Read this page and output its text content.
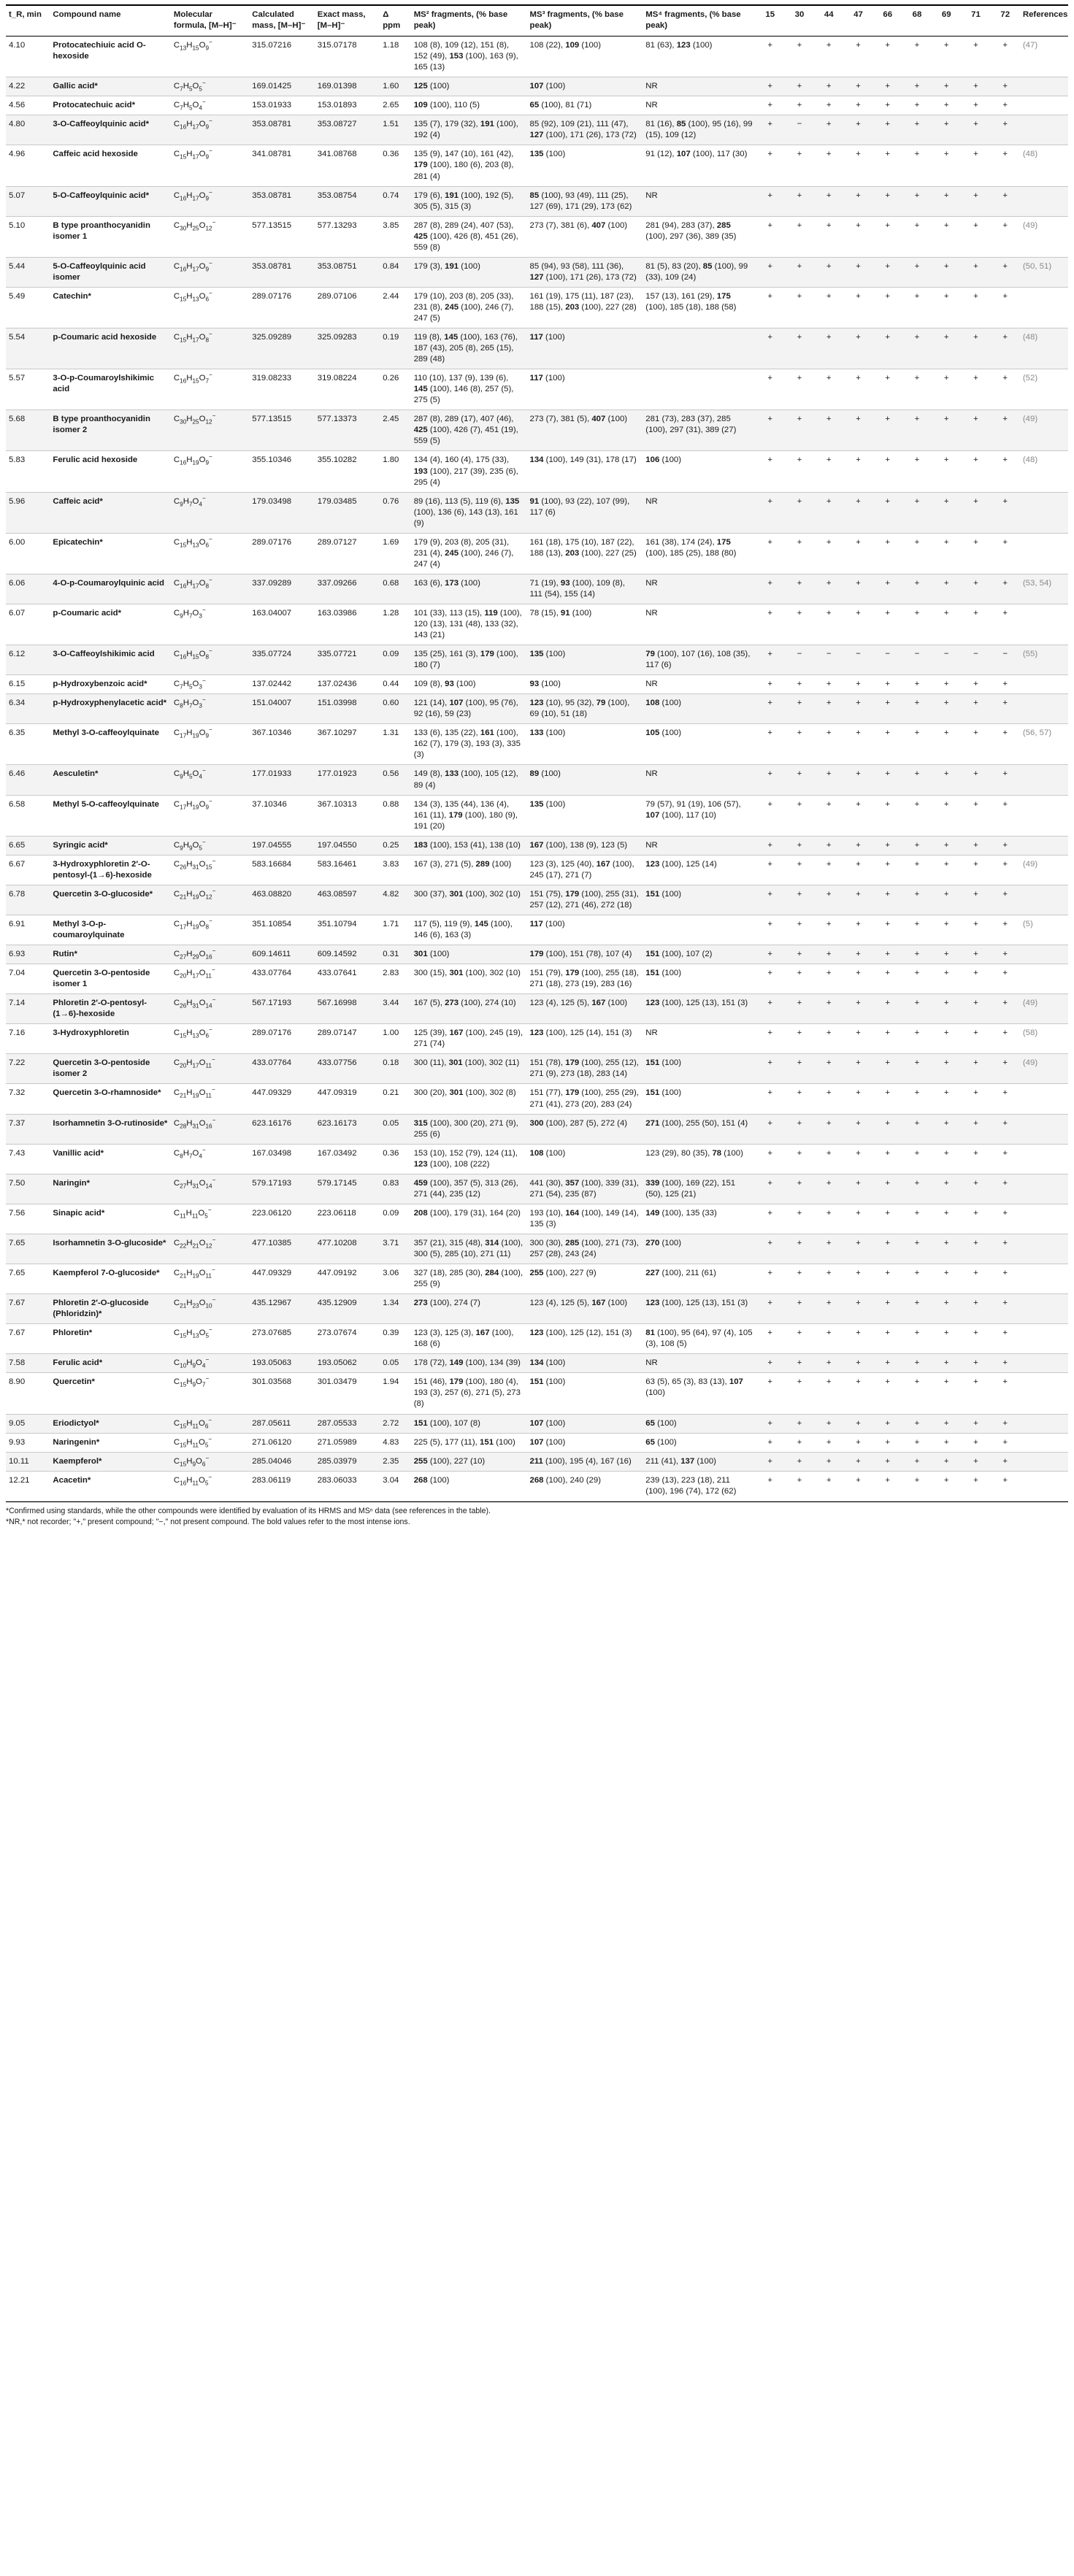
t_R, min	Compound name	Molecular formula, [M–H]⁻	Calculated mass, [M–H]⁻	Exact mass, [M–H]⁻	Δ ppm	MS² fragments, (% base peak)	MS³ fragments, (% base peak)	MS⁴ fragments, (% base peak)	15	30	44	47	66	68	69	71	72	References
4.10	Protocatechiuic acid O-hexoside	$C_{13}H_{15}O_9^-$	315.07216	315.07178	1.18	108 (8), 109 (12), 151 (8), 152 (49), 153 (100), 163 (9), 165 (13)	108 (22), 109 (100)	81 (63), 123 (100)	+	+	+	+	+	+	+	+	+	(47)
4.22	Gallic acid*	$C_7H_5O_5^-$	169.01425	169.01398	1.60	125 (100)	107 (100)	NR	+	+	+	+	+	+	+	+	+	
4.56	Protocatechuic acid*	$C_7H_5O_4^-$	153.01933	153.01893	2.65	109 (100), 110 (5)	65 (100), 81 (71)	NR	+	+	+	+	+	+	+	+	+	
4.80	3-O-Caffeoylquinic acid*	$C_{16}H_{17}O_9^-$	353.08781	353.08727	1.51	135 (7), 179 (32), 191 (100), 192 (4)	85 (92), 109 (21), 111 (47), 127 (100), 171 (26), 173 (72)	81 (16), 85 (100), 95 (16), 99 (15), 109 (12)	+	−	+	+	+	+	+	+	+	
4.96	Caffeic acid hexoside	$C_{15}H_{17}O_9^-$	341.08781	341.08768	0.36	135 (9), 147 (10), 161 (42), 179 (100), 180 (6), 203 (8), 281 (4)	135 (100)	91 (12), 107 (100), 117 (30)	+	+	+	+	+	+	+	+	+	(48)
5.07	5-O-Caffeoylquinic acid*	$C_{16}H_{17}O_9^-$	353.08781	353.08754	0.74	179 (6), 191 (100), 192 (5), 305 (5), 315 (3)	85 (100), 93 (49), 111 (25), 127 (69), 171 (29), 173 (62)	NR	+	+	+	+	+	+	+	+	+	
5.10	B type proanthocyanidin isomer 1	$C_{30}H_{25}O_{12}^-$	577.13515	577.13293	3.85	287 (8), 289 (24), 407 (53), 425 (100), 426 (8), 451 (26), 559 (8)	273 (7), 381 (6), 407 (100)	281 (94), 283 (37), 285 (100), 297 (36), 389 (35)	+	+	+	+	+	+	+	+	+	(49)
5.44	5-O-Caffeoylquinic acid isomer	$C_{16}H_{17}O_9^-$	353.08781	353.08751	0.84	179 (3), 191 (100)	85 (94), 93 (58), 111 (36), 127 (100), 171 (26), 173 (72)	81 (5), 83 (20), 85 (100), 99 (33), 109 (24)	+	+	+	+	+	+	+	+	+	(50, 51)
5.49	Catechin*	$C_{15}H_{13}O_6^-$	289.07176	289.07106	2.44	179 (10), 203 (8), 205 (33), 231 (8), 245 (100), 246 (7), 247 (5)	161 (19), 175 (11), 187 (23), 188 (15), 203 (100), 227 (28)	157 (13), 161 (29), 175 (100), 185 (18), 188 (58)	+	+	+	+	+	+	+	+	+	
5.54	p-Coumaric acid hexoside	$C_{15}H_{17}O_8^-$	325.09289	325.09283	0.19	119 (8), 145 (100), 163 (76), 187 (43), 205 (8), 265 (15), 289 (48)	117 (100)		+	+	+	+	+	+	+	+	+	(48)
5.57	3-O-p-Coumaroylshikimic acid	$C_{16}H_{15}O_7^-$	319.08233	319.08224	0.26	110 (10), 137 (9), 139 (6), 145 (100), 146 (8), 257 (5), 275 (5)	117 (100)		+	+	+	+	+	+	+	+	+	(52)
5.68	B type proanthocyanidin isomer 2	$C_{30}H_{25}O_{12}^-$	577.13515	577.13373	2.45	287 (8), 289 (17), 407 (46), 425 (100), 426 (7), 451 (19), 559 (5)	273 (7), 381 (5), 407 (100)	281 (73), 283 (37), 285 (100), 297 (31), 389 (27)	+	+	+	+	+	+	+	+	+	(49)
5.83	Ferulic acid hexoside	$C_{16}H_{19}O_9^-$	355.10346	355.10282	1.80	134 (4), 160 (4), 175 (33), 193 (100), 217 (39), 235 (6), 295 (4)	134 (100), 149 (31), 178 (17)	106 (100)	+	+	+	+	+	+	+	+	+	(48)
5.96	Caffeic acid*	$C_9H_7O_4^-$	179.03498	179.03485	0.76	89 (16), 113 (5), 119 (6), 135 (100), 136 (6), 143 (13), 161 (9)	91 (100), 93 (22), 107 (99), 117 (6)	NR	+	+	+	+	+	+	+	+	+	
6.00	Epicatechin*	$C_{15}H_{13}O_6^-$	289.07176	289.07127	1.69	179 (9), 203 (8), 205 (31), 231 (4), 245 (100), 246 (7), 247 (4)	161 (18), 175 (10), 187 (22), 188 (13), 203 (100), 227 (25)	161 (38), 174 (24), 175 (100), 185 (25), 188 (80)	+	+	+	+	+	+	+	+	+	
6.06	4-O-p-Coumaroylquinic acid	$C_{16}H_{17}O_8^-$	337.09289	337.09266	0.68	163 (6), 173 (100)	71 (19), 93 (100), 109 (8), 111 (54), 155 (14)	NR	+	+	+	+	+	+	+	+	+	(53, 54)
6.07	p-Coumaric acid*	$C_9H_7O_3^-$	163.04007	163.03986	1.28	101 (33), 113 (15), 119 (100), 120 (13), 131 (48), 133 (32), 143 (21)	78 (15), 91 (100)	NR	+	+	+	+	+	+	+	+	+	
6.12	3-O-Caffeoylshikimic acid	$C_{16}H_{15}O_8^-$	335.07724	335.07721	0.09	135 (25), 161 (3), 179 (100), 180 (7)	135 (100)	79 (100), 107 (16), 108 (35), 117 (6)	+	−	−	−	−	−	−	−	−	(55)
6.15	p-Hydroxybenzoic acid*	$C_7H_5O_3^-$	137.02442	137.02436	0.44	109 (8), 93 (100)	93 (100)	NR	+	+	+	+	+	+	+	+	+	
6.34	p-Hydroxyphenylacetic acid*	$C_8H_7O_3^-$	151.04007	151.03998	0.60	121 (14), 107 (100), 95 (76), 92 (16), 59 (23)	123 (10), 95 (32), 79 (100), 69 (10), 51 (18)	108 (100)	+	+	+	+	+	+	+	+	+	
6.35	Methyl 3-O-caffeoylquinate	$C_{17}H_{19}O_9^-$	367.10346	367.10297	1.31	133 (6), 135 (22), 161 (100), 162 (7), 179 (3), 193 (3), 335 (3)	133 (100)	105 (100)	+	+	+	+	+	+	+	+	+	(56, 57)
6.46	Aesculetin*	$C_9H_5O_4^-$	177.01933	177.01923	0.56	149 (8), 133 (100), 105 (12), 89 (4)	89 (100)	NR	+	+	+	+	+	+	+	+	+	
6.58	Methyl 5-O-caffeoylquinate	$C_{17}H_{19}O_9^-$	37.10346	367.10313	0.88	134 (3), 135 (44), 136 (4), 161 (11), 179 (100), 180 (9), 191 (20)	135 (100)	79 (57), 91 (19), 106 (57), 107 (100), 117 (10)	+	+	+	+	+	+	+	+	+	
6.65	Syringic acid*	$C_9H_9O_5^-$	197.04555	197.04550	0.25	183 (100), 153 (41), 138 (10)	167 (100), 138 (9), 123 (5)	NR	+	+	+	+	+	+	+	+	+	
6.67	3-Hydroxyphloretin 2′-O-pentosyl-(1→6)-hexoside	$C_{26}H_{31}O_{15}^-$	583.16684	583.16461	3.83	167 (3), 271 (5), 289 (100)	123 (3), 125 (40), 167 (100), 245 (17), 271 (7)	123 (100), 125 (14)	+	+	+	+	+	+	+	+	+	(49)
6.78	Quercetin 3-O-glucoside*	$C_{21}H_{19}O_{12}^-$	463.08820	463.08597	4.82	300 (37), 301 (100), 302 (10)	151 (75), 179 (100), 255 (31), 257 (12), 271 (46), 272 (18)	151 (100)	+	+	+	+	+	+	+	+	+	
6.91	Methyl 3-O-p-coumaroylquinate	$C_{17}H_{19}O_8^-$	351.10854	351.10794	1.71	117 (5), 119 (9), 145 (100), 146 (6), 163 (3)	117 (100)		+	+	+	+	+	+	+	+	+	(5)
6.93	Rutin*	$C_{27}H_{29}O_{16}^-$	609.14611	609.14592	0.31	301 (100)	179 (100), 151 (78), 107 (4)	151 (100), 107 (2)	+	+	+	+	+	+	+	+	+	
7.04	Quercetin 3-O-pentoside isomer 1	$C_{20}H_{17}O_{11}^-$	433.07764	433.07641	2.83	300 (15), 301 (100), 302 (10)	151 (79), 179 (100), 255 (18), 271 (18), 273 (19), 283 (16)	151 (100)	+	+	+	+	+	+	+	+	+	
7.14	Phloretin 2′-O-pentosyl-(1→6)-hexoside	$C_{26}H_{31}O_{14}^-$	567.17193	567.16998	3.44	167 (5), 273 (100), 274 (10)	123 (4), 125 (5), 167 (100)	123 (100), 125 (13), 151 (3)	+	+	+	+	+	+	+	+	+	(49)
7.16	3-Hydroxyphloretin	$C_{15}H_{13}O_6^-$	289.07176	289.07147	1.00	125 (39), 167 (100), 245 (19), 271 (74)	123 (100), 125 (14), 151 (3)	NR	+	+	+	+	+	+	+	+	+	(58)
7.22	Quercetin 3-O-pentoside isomer 2	$C_{20}H_{17}O_{11}^-$	433.07764	433.07756	0.18	300 (11), 301 (100), 302 (11)	151 (78), 179 (100), 255 (12), 271 (9), 273 (18), 283 (14)	151 (100)	+	+	+	+	+	+	+	+	+	(49)
7.32	Quercetin 3-O-rhamnoside*	$C_{21}H_{19}O_{11}^-$	447.09329	447.09319	0.21	300 (20), 301 (100), 302 (8)	151 (77), 179 (100), 255 (29), 271 (41), 273 (20), 283 (24)	151 (100)	+	+	+	+	+	+	+	+	+	
7.37	Isorhamnetin 3-O-rutinoside*	$C_{28}H_{31}O_{16}^-$	623.16176	623.16173	0.05	315 (100), 300 (20), 271 (9), 255 (6)	300 (100), 287 (5), 272 (4)	271 (100), 255 (50), 151 (4)	+	+	+	+	+	+	+	+	+	
7.43	Vanillic acid*	$C_8H_7O_4^-$	167.03498	167.03492	0.36	153 (10), 152 (79), 124 (11), 123 (100), 108 (222)	108 (100)	123 (29), 80 (35), 78 (100)	+	+	+	+	+	+	+	+	+	
7.50	Naringin*	$C_{27}H_{31}O_{14}^-$	579.17193	579.17145	0.83	459 (100), 357 (5), 313 (26), 271 (44), 235 (12)	441 (30), 357 (100), 339 (31), 271 (54), 235 (87)	339 (100), 169 (22), 151 (50), 125 (21)	+	+	+	+	+	+	+	+	+	
7.56	Sinapic acid*	$C_{11}H_{11}O_5^-$	223.06120	223.06118	0.09	208 (100), 179 (31), 164 (20)	193 (10), 164 (100), 149 (14), 135 (3)	149 (100), 135 (33)	+	+	+	+	+	+	+	+	+	
7.65	Isorhamnetin 3-O-glucoside*	$C_{22}H_{21}O_{12}^-$	477.10385	477.10208	3.71	357 (21), 315 (48), 314 (100), 300 (5), 285 (10), 271 (11)	300 (30), 285 (100), 271 (73), 257 (28), 243 (24)	270 (100)	+	+	+	+	+	+	+	+	+	
7.65	Kaempferol 7-O-glucoside*	$C_{21}H_{19}O_{11}^-$	447.09329	447.09192	3.06	327 (18), 285 (30), 284 (100), 255 (9)	255 (100), 227 (9)	227 (100), 211 (61)	+	+	+	+	+	+	+	+	+	
7.67	Phloretin 2′-O-glucoside (Phloridzin)*	$C_{21}H_{23}O_{10}^-$	435.12967	435.12909	1.34	273 (100), 274 (7)	123 (4), 125 (5), 167 (100)	123 (100), 125 (13), 151 (3)	+	+	+	+	+	+	+	+	+	
7.67	Phloretin*	$C_{15}H_{13}O_5^-$	273.07685	273.07674	0.39	123 (3), 125 (3), 167 (100), 168 (6)	123 (100), 125 (12), 151 (3)	81 (100), 95 (64), 97 (4), 105 (3), 108 (5)	+	+	+	+	+	+	+	+	+	
7.58	Ferulic acid*	$C_{10}H_9O_4^-$	193.05063	193.05062	0.05	178 (72), 149 (100), 134 (39)	134 (100)	NR	+	+	+	+	+	+	+	+	+	
8.90	Quercetin*	$C_{15}H_9O_7^-$	301.03568	301.03479	1.94	151 (46), 179 (100), 180 (4), 193 (3), 257 (6), 271 (5), 273 (8)	151 (100)	63 (5), 65 (3), 83 (13), 107 (100)	+	+	+	+	+	+	+	+	+	
9.05	Eriodictyol*	$C_{15}H_{11}O_6^-$	287.05611	287.05533	2.72	151 (100), 107 (8)	107 (100)	65 (100)	+	+	+	+	+	+	+	+	+	
9.93	Naringenin*	$C_{15}H_{11}O_5^-$	271.06120	271.05989	4.83	225 (5), 177 (11), 151 (100)	107 (100)	65 (100)	+	+	+	+	+	+	+	+	+	
10.11	Kaempferol*	$C_{15}H_9O_6^-$	285.04046	285.03979	2.35	255 (100), 227 (10)	211 (100), 195 (4), 167 (16)	211 (41), 137 (100)	+	+	+	+	+	+	+	+	+	
12.21	Acacetin*	$C_{16}H_{11}O_5^-$	283.06119	283.06033	3.04	268 (100)	268 (100), 240 (29)	239 (13), 223 (18), 211 (100), 196 (74), 172 (62)	+	+	+	+	+	+	+	+	+	
*Confirmed using standards, while the other compounds were identified by evaluation of its HRMS and MSⁿ data (see references in the table).
*NR,* not recorder; "+," present compound; "−," not present compound. The bold values refer to the most intense ions.
